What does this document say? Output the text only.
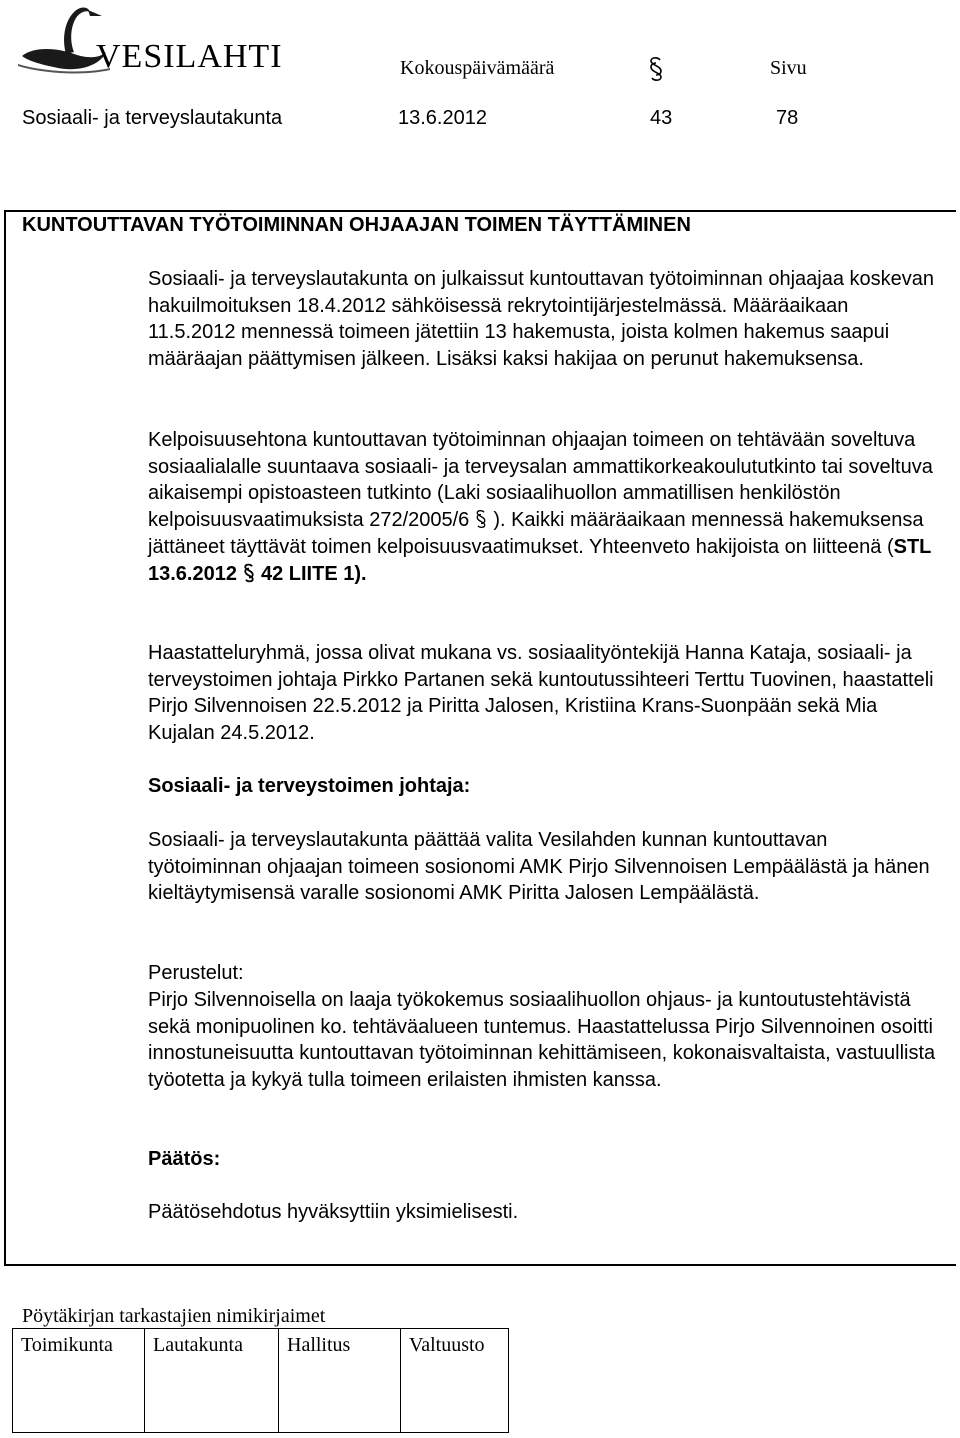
VESILAHTI	Kokouspäivämäärä	Sivu
Sosiaali- ja terveyslautakunta	13.6.2012	43	78
KUNTOUTTAVAN TYÖTOIMINNAN OHJAAJAN TOIMEN TÄYTTÄMINEN
Sosiaali- ja terveyslautakunta on julkaissut kuntouttavan työtoiminnan ohjaajaa koskevan hakuilmoituksen 18.4.2012 sähköisessä rekrytointijärjestelmässä. Määräaikaan 11.5.2012 mennessä toimeen jätettiin 13 hakemusta, joista kolmen hakemus saapui määräajan päättymisen jälkeen. Lisäksi kaksi hakijaa on perunut hakemuksensa.
Kelpoisuusehtona kuntouttavan työtoiminnan ohjaajan toimeen on tehtävään soveltuva sosiaalialalle suuntaava sosiaali- ja terveysalan ammattikorkeakoulututkinto tai soveltuva aikaisempi opistoasteen tutkinto (Laki sosiaalihuollon ammatillisen henkilöstön kelpoisuusvaatimuksista 272/2005/6 ). Kaikki määräaikaan mennessä hakemuksensa jättäneet täyttävät toimen kelpoisuusvaatimukset. Yhteenveto hakijoista on liitteenä (STL 13.6.2012 42 LIITE 1).
Haastatteluryhmä, jossa olivat mukana vs. sosiaalityöntekijä Hanna Kataja, sosiaali- ja terveystoimen johtaja Pirkko Partanen sekä kuntoutussihteeri Terttu Tuovinen, haastatteli Pirjo Silvennoisen 22.5.2012 ja Piritta Jalosen, Kristiina Krans-Suonpään sekä Mia Kujalan 24.5.2012.
Sosiaali- ja terveystoimen johtaja:
Sosiaali- ja terveyslautakunta päättää valita Vesilahden kunnan kuntouttavan työtoiminnan ohjaajan toimeen sosionomi AMK Pirjo Silvennoisen Lempäälästä ja hänen kieltäytymisensä varalle sosionomi AMK Piritta Jalosen Lempäälästä.
Perustelut:
Pirjo Silvennoisella on laaja työkokemus sosiaalihuollon ohjaus- ja kuntoutustehtävistä sekä monipuolinen ko. tehtäväalueen tuntemus. Haastattelussa Pirjo Silvennoinen osoitti innostuneisuutta kuntouttavan työtoiminnan kehittämiseen, kokonaisvaltaista, vastuullista työotetta ja kykyä tulla toimeen erilaisten ihmisten kanssa.
Päätös:
Päätösehdotus hyväksyttiin yksimielisesti.
Pöytäkirjan tarkastajien nimikirjaimet
Toimikunta	Lautakunta	Hallitus	Valtuusto
